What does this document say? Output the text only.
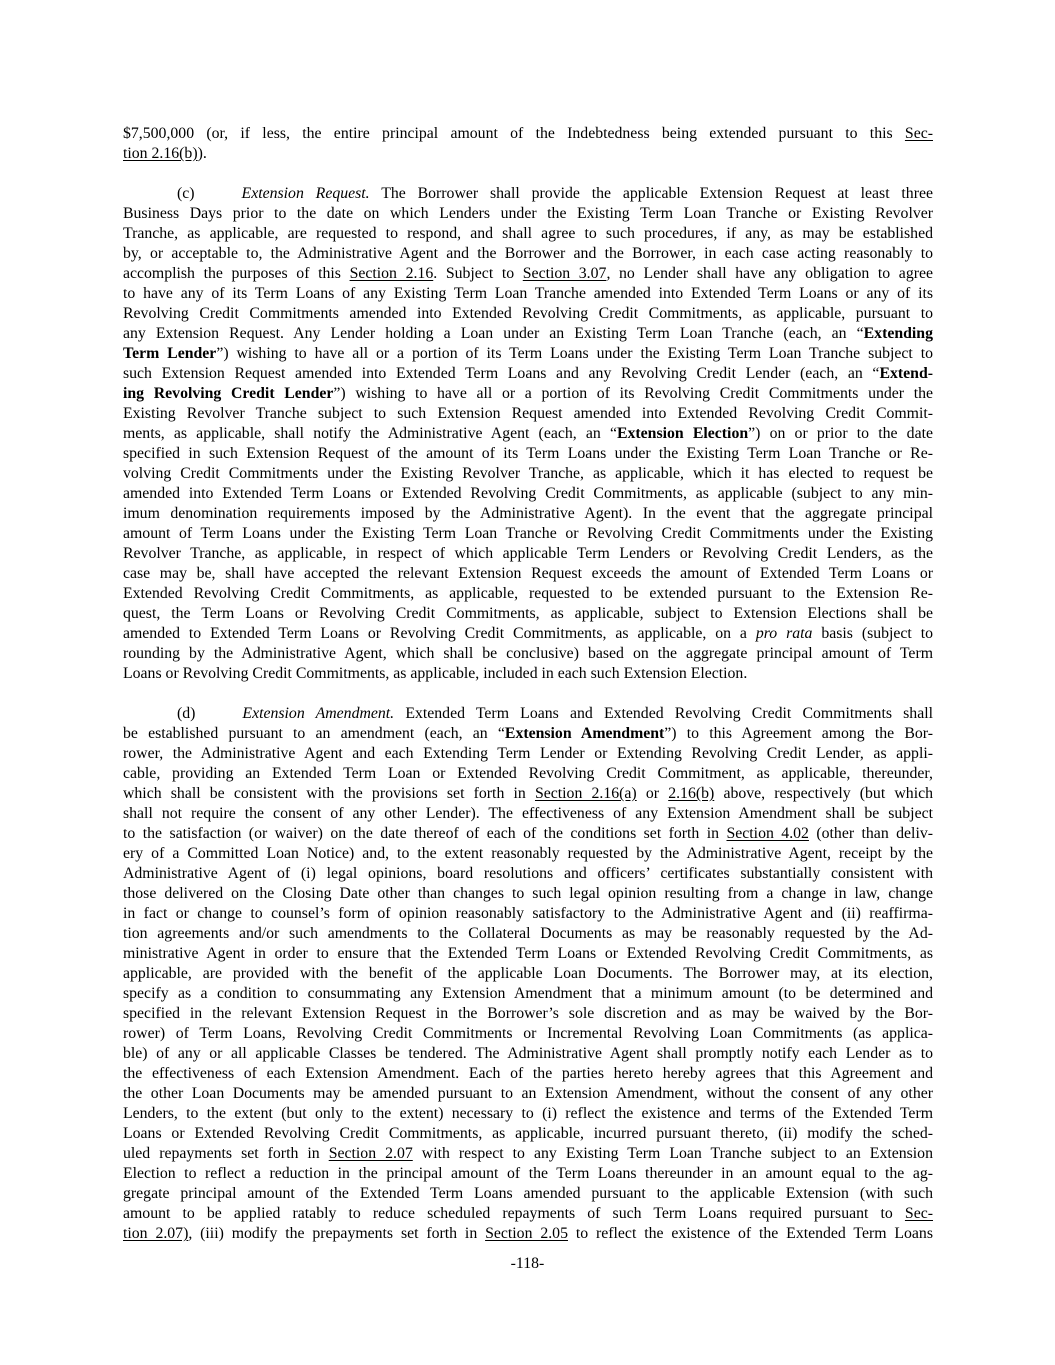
$7,500,000 (or, if less, the entire principal amount of the Indebtedness being extended pursuant to this Sec-
tion 2.16(b)).
(c)	Extension Request. The Borrower shall provide the applicable Extension Request at least three
Business Days prior to the date on which Lenders under the Existing Term Loan Tranche or Existing Revolver
Tranche, as applicable, are requested to respond, and shall agree to such procedures, if any, as may be established
by, or acceptable to, the Administrative Agent and the Borrower and the Borrower, in each case acting reasonably to
accomplish the purposes of this Section 2.16. Subject to Section 3.07, no Lender shall have any obligation to agree
to have any of its Term Loans of any Existing Term Loan Tranche amended into Extended Term Loans or any of its
Revolving Credit Commitments amended into Extended Revolving Credit Commitments, as applicable, pursuant to
any Extension Request. Any Lender holding a Loan under an Existing Term Loan Tranche (each, an “Extending
Term Lender”) wishing to have all or a portion of its Term Loans under the Existing Term Loan Tranche subject to
such Extension Request amended into Extended Term Loans and any Revolving Credit Lender (each, an “Extend-
ing Revolving Credit Lender”) wishing to have all or a portion of its Revolving Credit Commitments under the
Existing Revolver Tranche subject to such Extension Request amended into Extended Revolving Credit Commit-
ments, as applicable, shall notify the Administrative Agent (each, an “Extension Election”) on or prior to the date
specified in such Extension Request of the amount of its Term Loans under the Existing Term Loan Tranche or Re-
volving Credit Commitments under the Existing Revolver Tranche, as applicable, which it has elected to request be
amended into Extended Term Loans or Extended Revolving Credit Commitments, as applicable (subject to any min-
imum denomination requirements imposed by the Administrative Agent). In the event that the aggregate principal
amount of Term Loans under the Existing Term Loan Tranche or Revolving Credit Commitments under the Existing
Revolver Tranche, as applicable, in respect of which applicable Term Lenders or Revolving Credit Lenders, as the
case may be, shall have accepted the relevant Extension Request exceeds the amount of Extended Term Loans or
Extended Revolving Credit Commitments, as applicable, requested to be extended pursuant to the Extension Re-
quest, the Term Loans or Revolving Credit Commitments, as applicable, subject to Extension Elections shall be
amended to Extended Term Loans or Revolving Credit Commitments, as applicable, on a pro rata basis (subject to
rounding by the Administrative Agent, which shall be conclusive) based on the aggregate principal amount of Term
Loans or Revolving Credit Commitments, as applicable, included in each such Extension Election.
(d)	Extension Amendment. Extended Term Loans and Extended Revolving Credit Commitments shall
be established pursuant to an amendment (each, an “Extension Amendment”) to this Agreement among the Bor-
rower, the Administrative Agent and each Extending Term Lender or Extending Revolving Credit Lender, as appli-
cable, providing an Extended Term Loan or Extended Revolving Credit Commitment, as applicable, thereunder,
which shall be consistent with the provisions set forth in Section 2.16(a) or 2.16(b) above, respectively (but which
shall not require the consent of any other Lender). The effectiveness of any Extension Amendment shall be subject
to the satisfaction (or waiver) on the date thereof of each of the conditions set forth in Section 4.02 (other than deliv-
ery of a Committed Loan Notice) and, to the extent reasonably requested by the Administrative Agent, receipt by the
Administrative Agent of (i) legal opinions, board resolutions and officers’ certificates substantially consistent with
those delivered on the Closing Date other than changes to such legal opinion resulting from a change in law, change
in fact or change to counsel’s form of opinion reasonably satisfactory to the Administrative Agent and (ii) reaffirma-
tion agreements and/or such amendments to the Collateral Documents as may be reasonably requested by the Ad-
ministrative Agent in order to ensure that the Extended Term Loans or Extended Revolving Credit Commitments, as
applicable, are provided with the benefit of the applicable Loan Documents. The Borrower may, at its election,
specify as a condition to consummating any Extension Amendment that a minimum amount (to be determined and
specified in the relevant Extension Request in the Borrower’s sole discretion and as may be waived by the Bor-
rower) of Term Loans, Revolving Credit Commitments or Incremental Revolving Loan Commitments (as applica-
ble) of any or all applicable Classes be tendered. The Administrative Agent shall promptly notify each Lender as to
the effectiveness of each Extension Amendment. Each of the parties hereto hereby agrees that this Agreement and
the other Loan Documents may be amended pursuant to an Extension Amendment, without the consent of any other
Lenders, to the extent (but only to the extent) necessary to (i) reflect the existence and terms of the Extended Term
Loans or Extended Revolving Credit Commitments, as applicable, incurred pursuant thereto, (ii) modify the sched-
uled repayments set forth in Section 2.07 with respect to any Existing Term Loan Tranche subject to an Extension
Election to reflect a reduction in the principal amount of the Term Loans thereunder in an amount equal to the ag-
gregate principal amount of the Extended Term Loans amended pursuant to the applicable Extension (with such
amount to be applied ratably to reduce scheduled repayments of such Term Loans required pursuant to Sec-
tion 2.07), (iii) modify the prepayments set forth in Section 2.05 to reflect the existence of the Extended Term Loans
-118-
